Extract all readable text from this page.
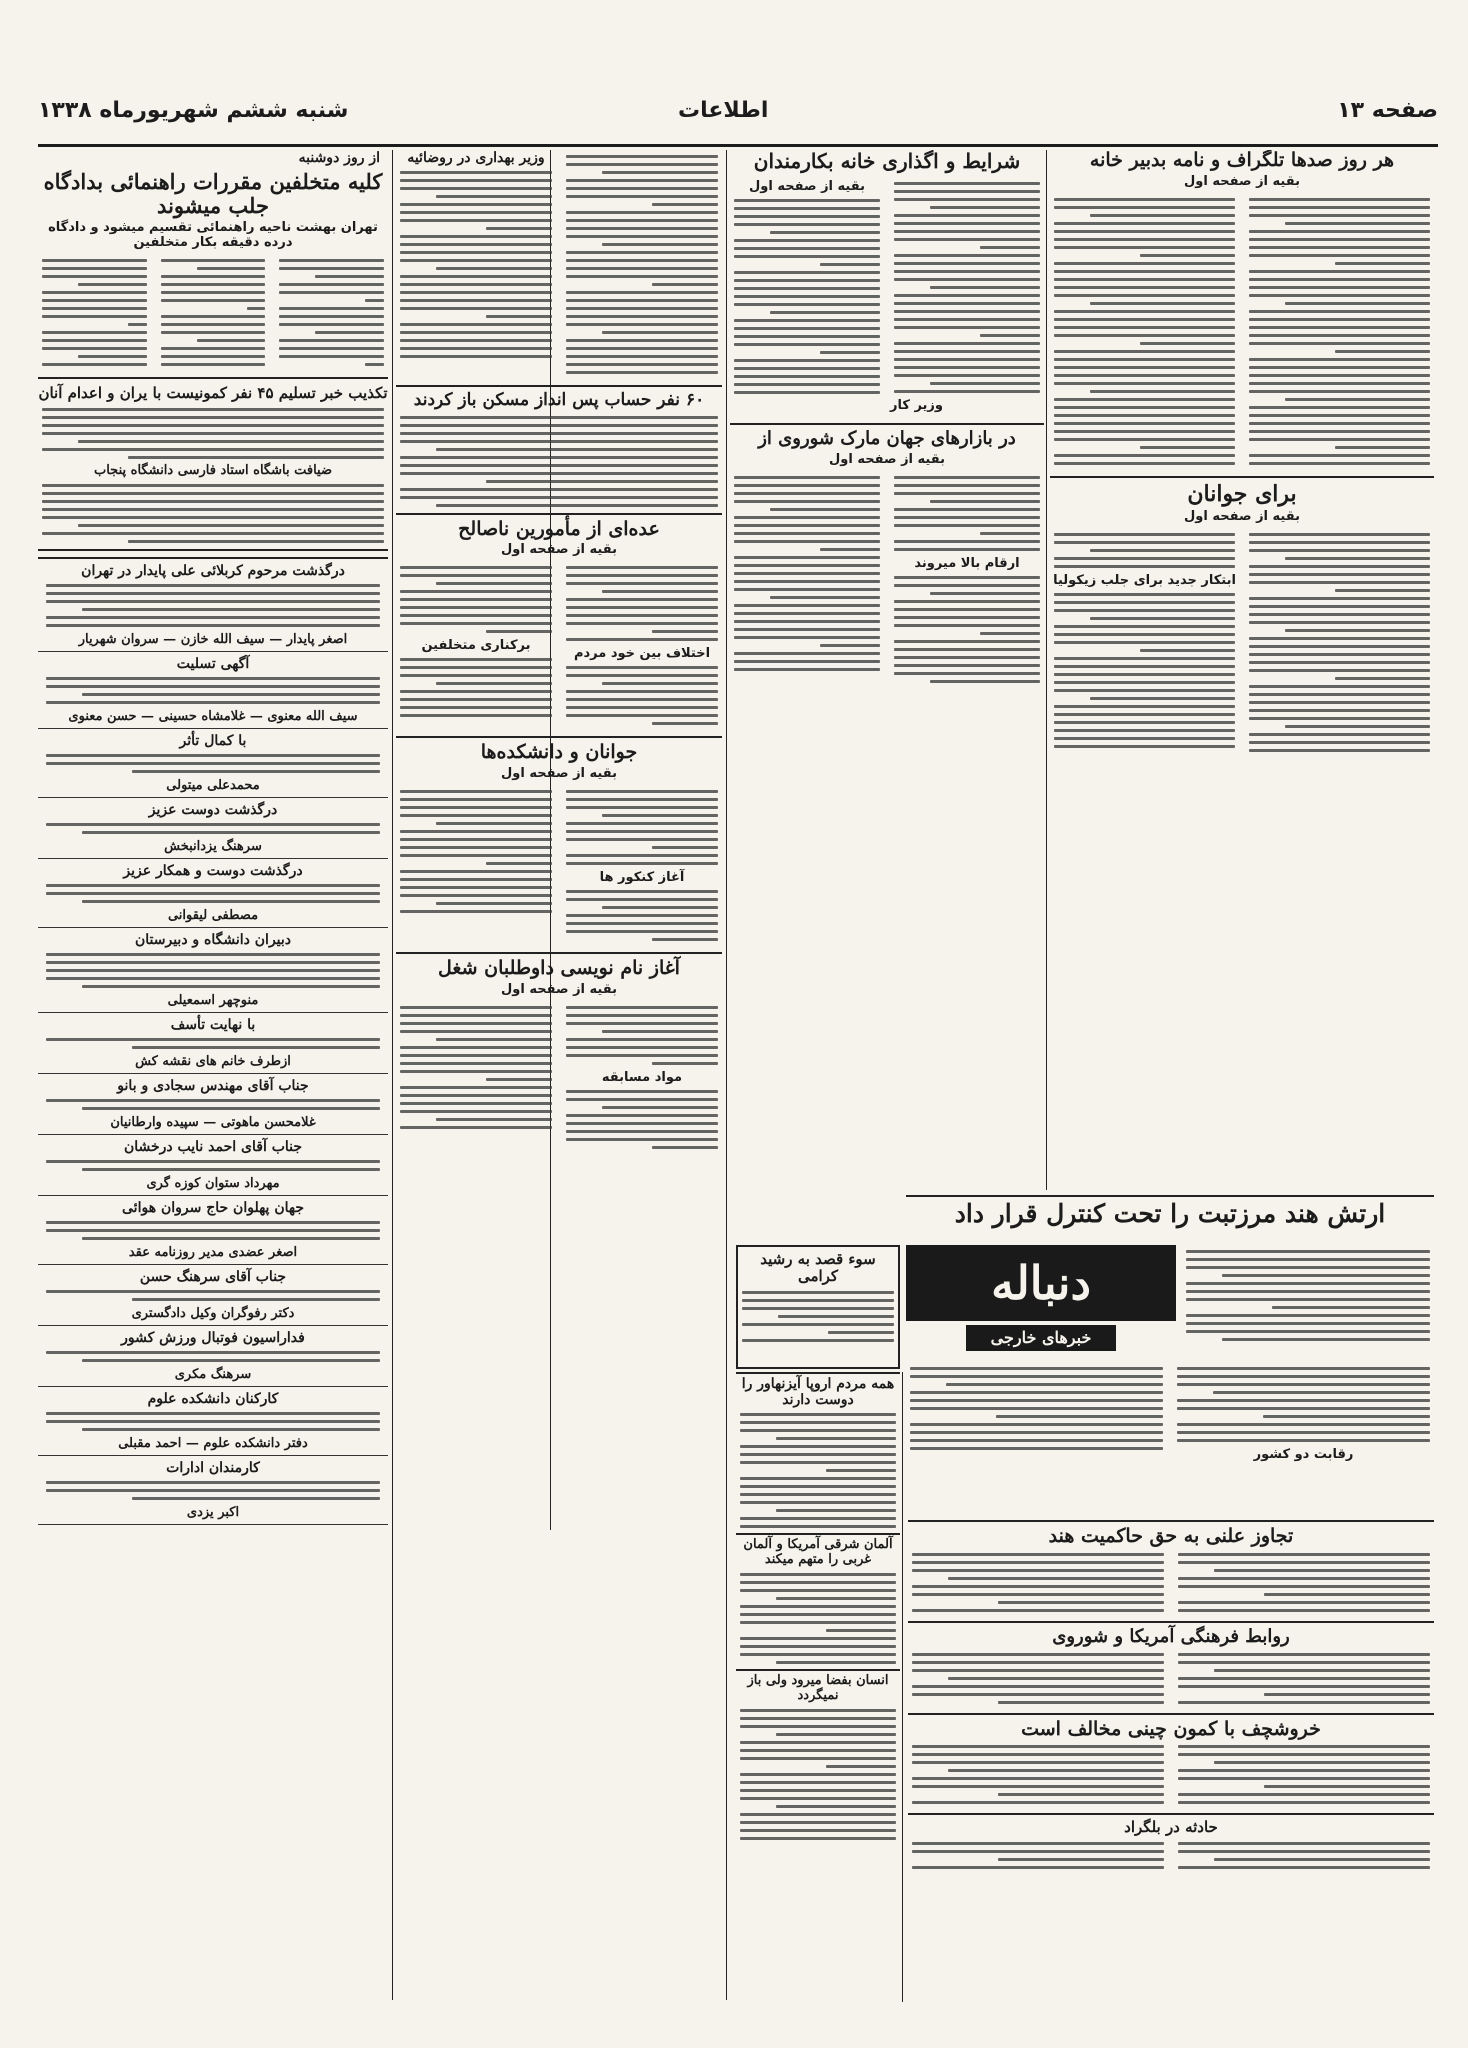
شنبه ششم شهریورماه ۱۳۳۸	اطلاعات	صفحه ۱۳
از روز دوشنبه
کلیه متخلفین مقررات راهنمائی بدادگاه جلب میشوند
تهران بهشت ناحیه راهنمائی تقسیم میشود و دادگاه درده دقیقه بکار متخلفین
تکذیب خبر تسلیم ۴۵ نفر کمونیست با یران و اعدام آنان
ضیافت باشگاه استاد فارسی دانشگاه پنجاب
درگذشت مرحوم کربلائی علی پایدار در تهران
اصغر پایدار — سیف الله خازن — سروان شهریار
آگهی تسلیت
سیف الله معنوی — غلامشاه حسینی — حسن معنوی
با کمال تأثر
محمدعلی میتولی
درگذشت دوست عزیز
سرهنگ یزدانبخش
درگذشت دوست و همکار عزیز
مصطفی لیقوانی
دبیران دانشگاه و دبیرستان
منوچهر اسمعیلی
با نهایت تأسف
ازطرف خانم های نقشه کش
جناب آقای مهندس سجادی و بانو
غلامحسن ماهوتی — سپیده وارطانیان
جناب آقای احمد نایب درخشان
مهرداد ستوان کوزه گری
جهان پهلوان حاج سروان هوائی
اصغر عضدی مدیر روزنامه عقد
جناب آقای سرهنگ حسن
دکتر رفوگران وکیل دادگستری
فداراسیون فوتبال ورزش کشور
سرهنگ مکری
کارکنان دانشکده علوم
دفتر دانشکده علوم — احمد مقبلی
کارمندان ادارات
اکبر یزدی
وزیر بهداری در روضائیه
۶۰ نفر حساب پس انداز مسکن باز کردند
عده‌ای از مأمورین ناصالح
بقیه از صفحه اول
اختلاف بین خود مردم
برکناری متخلفین
جوانان و دانشکده‌ها
بقیه از صفحه اول
آغاز کنکور ها
آغاز نام نویسی داوطلبان شغل
بقیه از صفحه اول
مواد مسابقه
شرایط و اگذاری خانه بکارمندان
وزیر کار
بقیه از صفحه اول
در بازارهای جهان مارک شوروی از
بقیه از صفحه اول
ارقام بالا میروند
هر روز صدها تلگراف و نامه بدبیر خانه
بقیه از صفحه اول
برای جوانان
بقیه از صفحه اول
ابتکار جدید برای جلب زیکولیا
ارتش هند مرزتبت را تحت کنترل قرار داد
دنباله
خبرهای خارجی
رقابت دو کشور
سوء قصد به رشید کرامی
همه مردم اروپا آیزنهاور را دوست دارند
آلمان شرقی آمریکا و آلمان غربی را متهم میکند
انسان بفضا میرود ولی باز نمیگردد
تجاوز علنی به حق حاکمیت هند
روابط فرهنگی آمریکا و شوروی
خروشچف با کمون چینی مخالف است
حادثه در بلگراد
